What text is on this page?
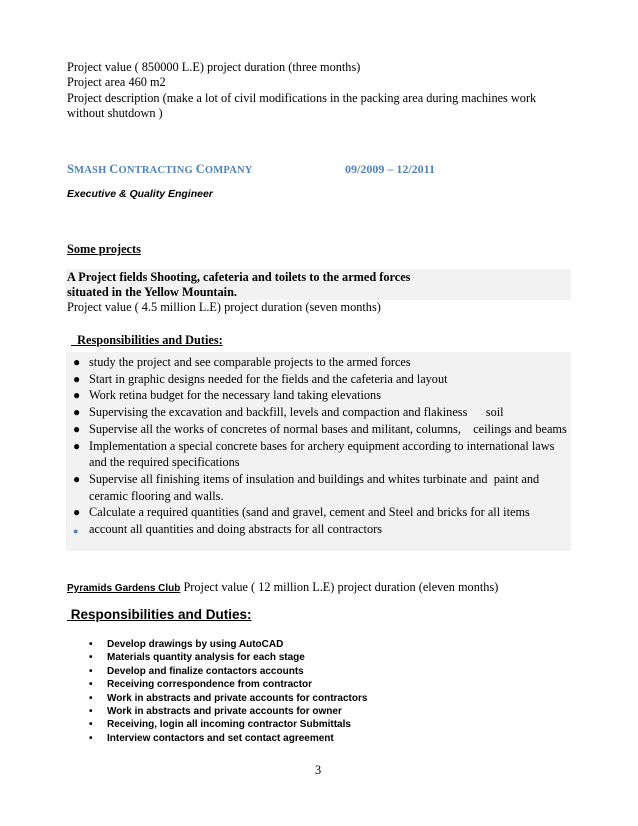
Project value ( 850000 L.E) project duration (three months)
Project area 460 m2
Project description (make a lot of civil modifications in the packing area during machines work
without shutdown )
SMASH CONTRACTING COMPANY	09/2009 – 12/2011
Executive & Quality Engineer
Some projects
A Project fields Shooting, cafeteria and toilets to the armed forces
situated in the Yellow Mountain.
Project value ( 4.5 million L.E) project duration (seven months)
Responsibilities and Duties:
● study the project and see comparable projects to the armed forces
● Start in graphic designs needed for the fields and the cafeteria and layout
● Work retina budget for the necessary land taking elevations
● Supervising the excavation and backfill, levels and compaction and flakiness      soil
● Supervise all the works of concretes of normal bases and militant, columns,    ceilings and beams
● Implementation a special concrete bases for archery equipment according to international laws and the required specifications
● Supervise all finishing items of insulation and buildings and whites turbinate and  paint and ceramic flooring and walls.
● Calculate a required quantities (sand and gravel, cement and Steel and bricks for all items
● account all quantities and doing abstracts for all contractors
Pyramids Gardens Club Project value ( 12 million L.E) project duration (eleven months)
Responsibilities and Duties:
• Develop drawings by using AutoCAD
• Materials quantity analysis for each stage
• Develop and finalize contactors accounts
• Receiving correspondence from contractor
• Work in abstracts and private accounts for contractors
• Work in abstracts and private accounts for owner
• Receiving, login all incoming contractor Submittals
• Interview contactors and set contact agreement
3
